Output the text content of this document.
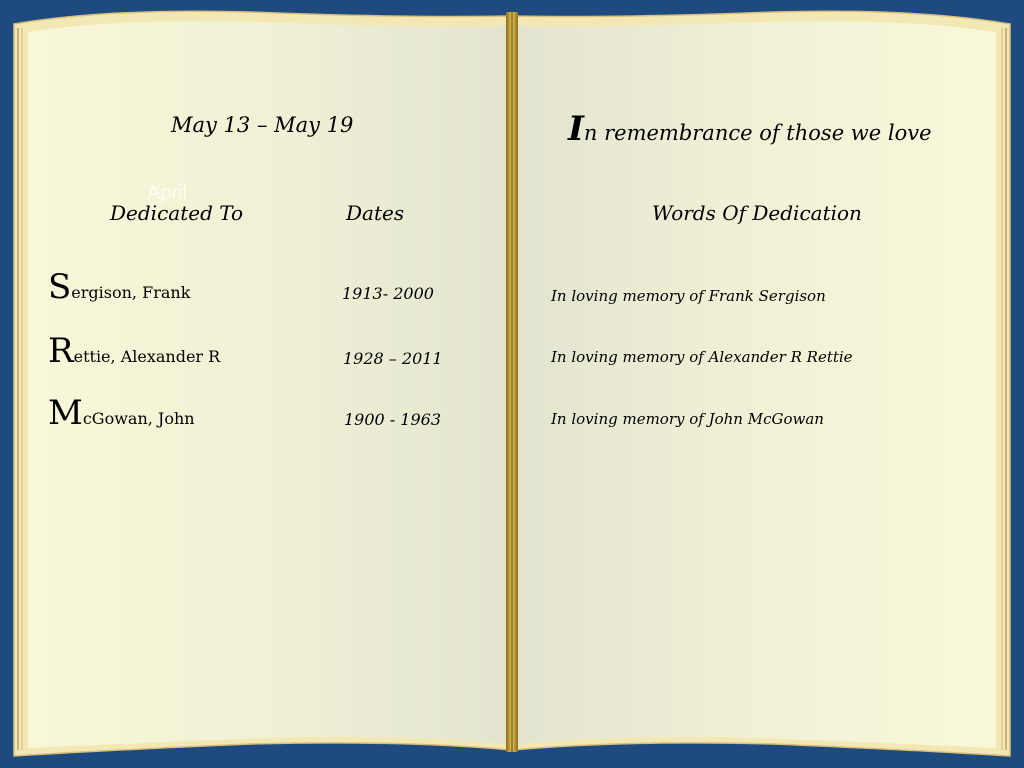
May 13 – May 19
April
Dedicated To	Dates
Sergison, Frank	1913- 2000
Rettie, Alexander R	1928 – 2011
McGowan, John	1900 - 1963
In remembrance of those we love
Words Of Dedication
In loving memory of Frank Sergison
In loving memory of Alexander R Rettie
In loving memory of John McGowan
